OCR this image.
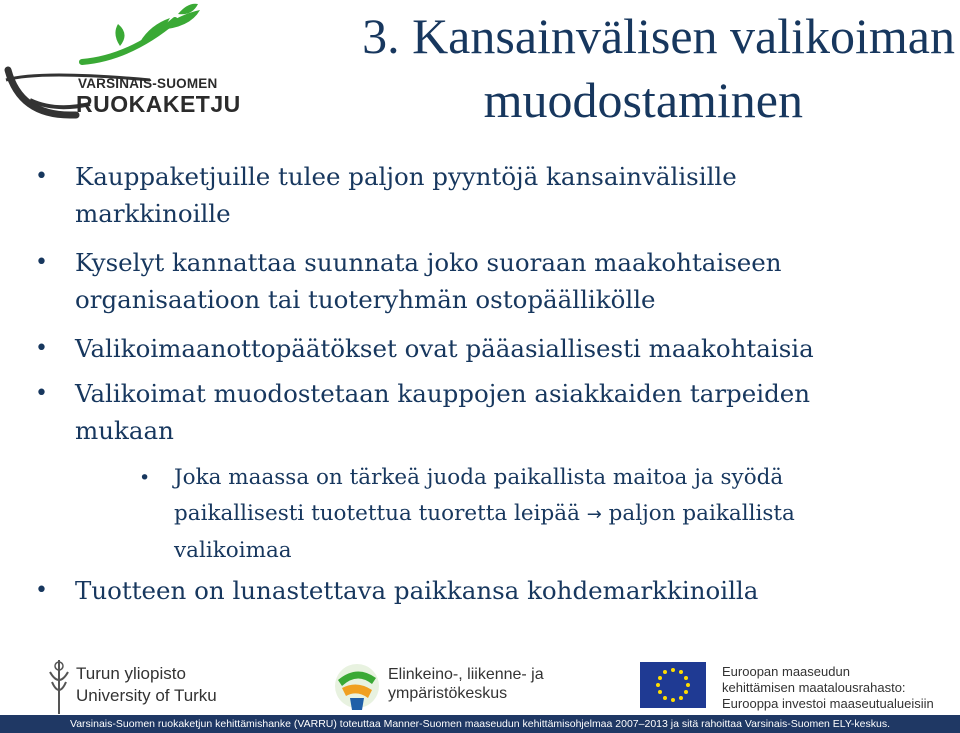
VARSINAIS-SUOMEN
RUOKAKETJU
3. Kansainvälisen valikoiman

muodostaminen
• Kauppaketjuille tulee paljon pyyntöjä kansainvälisille
markkinoille
• Kyselyt kannattaa suunnata joko suoraan maakohtaiseen
organisaatioon tai tuoteryhmän ostopäällikölle
• Valikoimaanottopäätökset ovat pääasiallisesti maakohtaisia
• Valikoimat muodostetaan kauppojen asiakkaiden tarpeiden
mukaan
• Joka maassa on tärkeä juoda paikallista maitoa ja syödä
paikallisesti tuotettua tuoretta leipää → paljon paikallista
valikoimaa
• Tuotteen on lunastettava paikkansa kohdemarkkinoilla
Turun yliopisto
University of Turku
Elinkeino-, liikenne- ja
ympäristökeskus
Euroopan maaseudun
kehittämisen maatalousrahasto:
Eurooppa investoi maaseutualueisiin
Varsinais-Suomen ruokaketjun kehittämishanke (VARRU) toteuttaa Manner-Suomen maaseudun kehittämisohjelmaa 2007–2013 ja sitä rahoittaa Varsinais-Suomen ELY-keskus.
